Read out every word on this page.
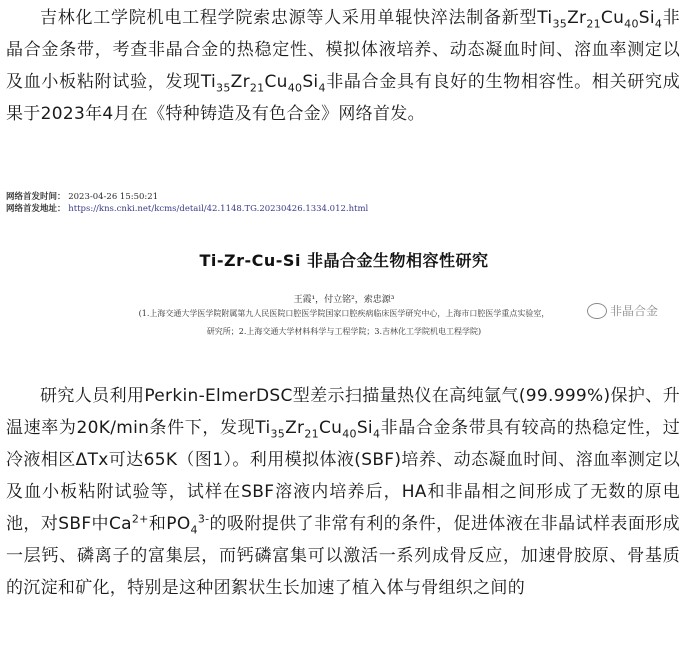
吉林化工学院机电工程学院索忠源等人采用单辊快淬法制备新型$Ti_{35}Zr_{21}Cu_{40}Si_4$非晶合金条带，考查非晶合金的热稳定性、模拟体液培养、动态凝血时间、溶血率测定以及血小板粘附试验，发现$Ti_{35}Zr_{21}Cu_{40}Si_4$非晶合金具有良好的生物相容性。相关研究成果于2023年4月在《特种铸造及有色合金》网络首发。

网络首发时间： 2023-04-26 15:50:21
网络首发地址： https://kns.cnki.net/kcms/detail/42.1148.TG.20230426.1334.012.html
Ti-Zr-Cu-Si 非晶合金生物相容性研究
王霞¹，付立铭²，索忠源³
(1.上海交通大学医学院附属第九人民医院口腔医学院国家口腔疾病临床医学研究中心，上海市口腔医学重点实验室，
研究所；2.上海交通大学材料科学与工程学院；3.吉林化工学院机电工程学院)
非晶合金

研究人员利用Perkin-ElmerDSC型差示扫描量热仪在高纯氩气(99.999%)保护、升温速率为20K/min条件下，发现$Ti_{35}Zr_{21}Cu_{40}Si_4$非晶合金条带具有较高的热稳定性，过冷液相区ΔTx可达65K（图1）。利用模拟体液(SBF)培养、动态凝血时间、溶血率测定以及血小板粘附试验等，试样在SBF溶液内培养后，HA和非晶相之间形成了无数的原电池，对SBF中$Ca^{2+}$和$PO_4^{3-}$的吸附提供了非常有利的条件，促进体液在非晶试样表面形成一层钙、磷离子的富集层，而钙磷富集可以激活一系列成骨反应，加速骨胶原、骨基质的沉淀和矿化，特别是这种团絮状生长加速了植入体与骨组织之间的
